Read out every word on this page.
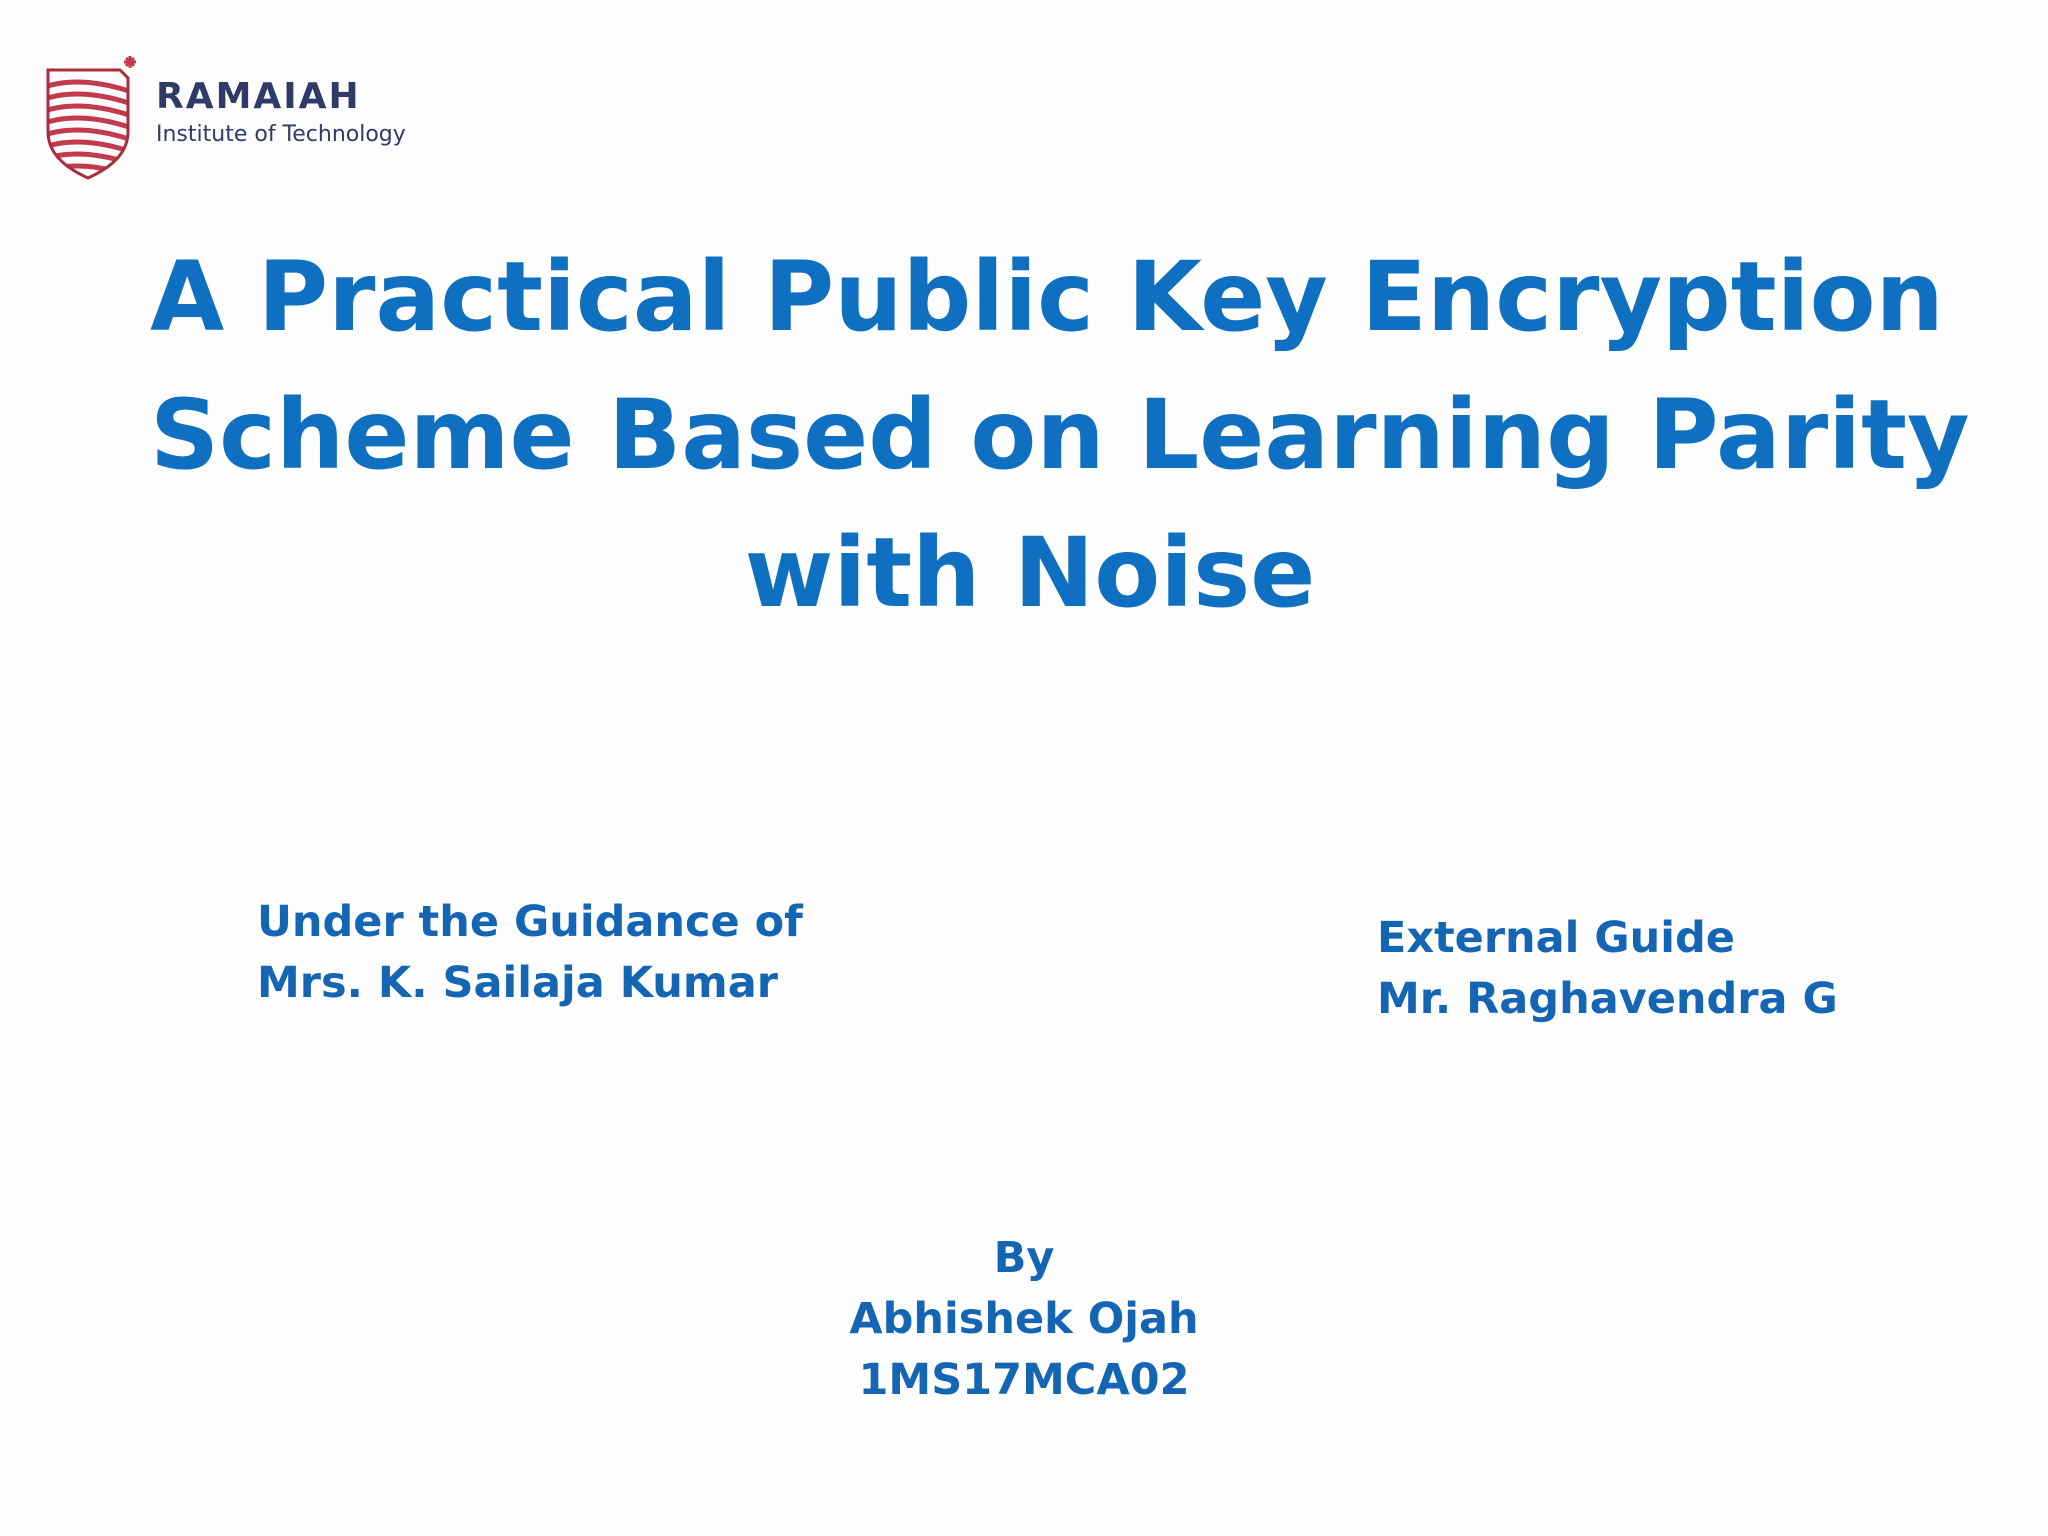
RAMAIAH
Institute of Technology
A Practical Public Key Encryption
Scheme Based on Learning Parity
with Noise
Under the Guidance of
Mrs. K. Sailaja Kumar
External Guide
Mr. Raghavendra G
By
Abhishek Ojah
1MS17MCA02
